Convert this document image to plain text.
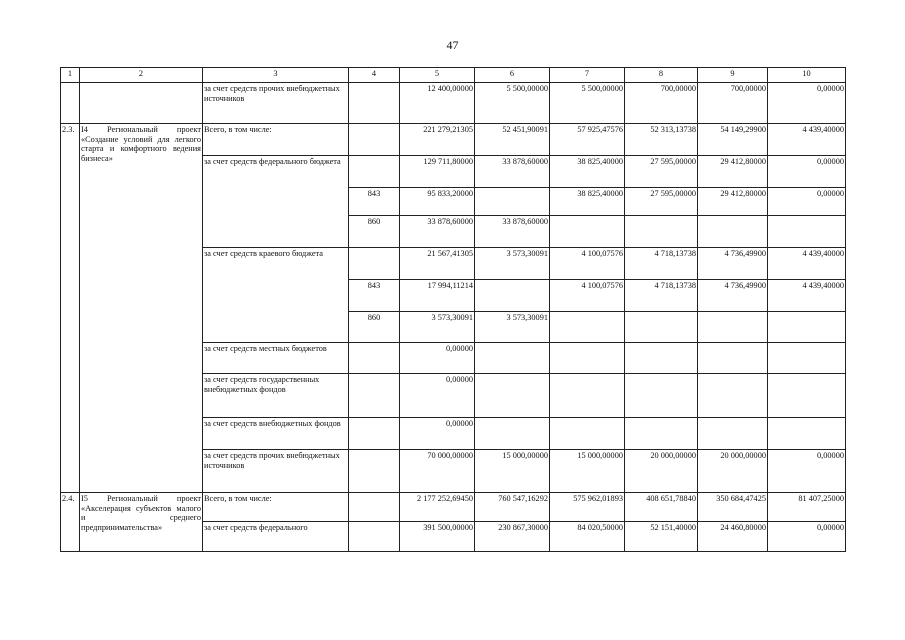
47
1	2	3	4	5	6	7	8	9	10
		за счет средств прочих внебюджетных источников		12 400,00000	5 500,00000	5 500,00000	700,00000	700,00000	0,00000
2.3.	I4 Региональный проект «Создание условий для легкого старта и комфортного ведения бизнеса»	Всего, в том числе:		221 279,21305	52 451,90091	57 925,47576	52 313,13738	54 149,29900	4 439,40000
		за счет средств федерального бюджета		129 711,80000	33 878,60000	38 825,40000	27 595,00000	29 412,80000	0,00000
			843	95 833,20000		38 825,40000	27 595,00000	29 412,80000	0,00000
			860	33 878,60000	33 878,60000				
		за счет средств краевого бюджета		21 567,41305	3 573,30091	4 100,07576	4 718,13738	4 736,49900	4 439,40000
			843	17 994,11214		4 100,07576	4 718,13738	4 736,49900	4 439,40000
			860	3 573,30091	3 573,30091				
		за счет средств местных бюджетов		0,00000					
		за счет средств государственных внебюджетных фондов		0,00000					
		за счет средств внебюджетных фондов		0,00000					
		за счет средств прочих внебюджетных источников		70 000,00000	15 000,00000	15 000,00000	20 000,00000	20 000,00000	0,00000
2.4.	I5 Региональный проект «Акселерация субъектов малого и среднего предпринимательства»	Всего, в том числе:		2 177 252,69450	760 547,16292	575 962,01893	408 651,78840	350 684,47425	81 407,25000
		за счет средств федерального		391 500,00000	230 867,30000	84 020,50000	52 151,40000	24 460,80000	0,00000
